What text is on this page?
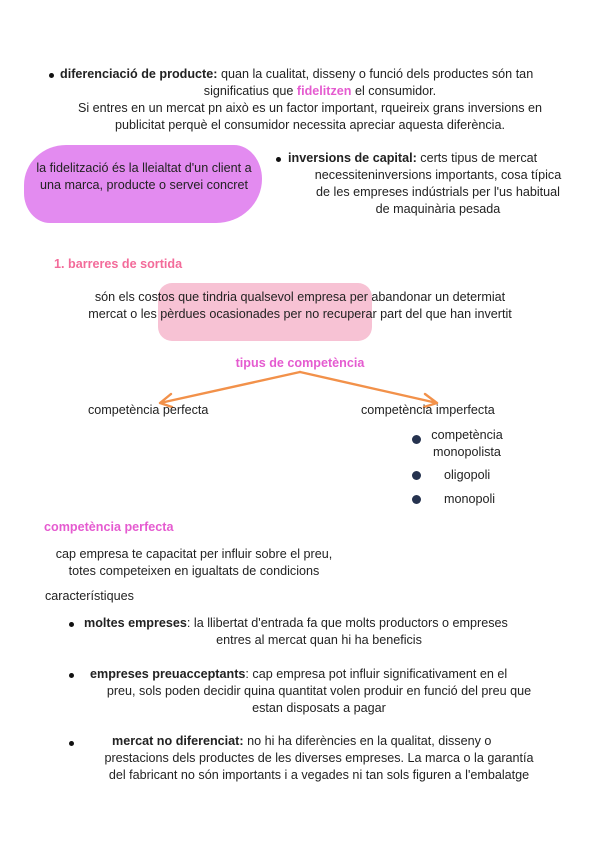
diferenciació de producte: quan la cualitat, disseny o funció dels productes són tan
significatius que fidelitzen el consumidor.
Si entres en un mercat pn això es un factor important, rqueireix grans inversions en
publicitat perquè el consumidor necessita apreciar aquesta diferència.
la fidelització és la lleialtat d'un client a
una marca, producte o servei concret
inversions de capital: certs tipus de mercat
necessiteninversions importants, cosa típica
de les empreses indústrials per l'us habitual
de maquinària pesada
1. barreres de sortida
són els costos que tindria qualsevol empresa per abandonar un determiat
mercat o les pèrdues ocasionades per no recuperar part del que han invertit
tipus de competència
competència perfecta	competència imperfecta
competència
monopolista
oligopoli
monopoli
competència perfecta
cap empresa te capacitat per influir sobre el preu,
totes competeixen en igualtats de condicions
característiques
moltes empreses: la llibertat d'entrada fa que molts productors o empreses
entres al mercat quan hi ha beneficis
empreses preuacceptants: cap empresa pot influir significativament en el
preu, sols poden decidir quina quantitat volen produir en funció del preu que
estan disposats a pagar
mercat no diferenciat: no hi ha diferències en la qualitat, disseny o
prestacions dels productes de les diverses empreses. La marca o la garantía
del fabricant no són importants i a vegades ni tan sols figuren a l'embalatge
